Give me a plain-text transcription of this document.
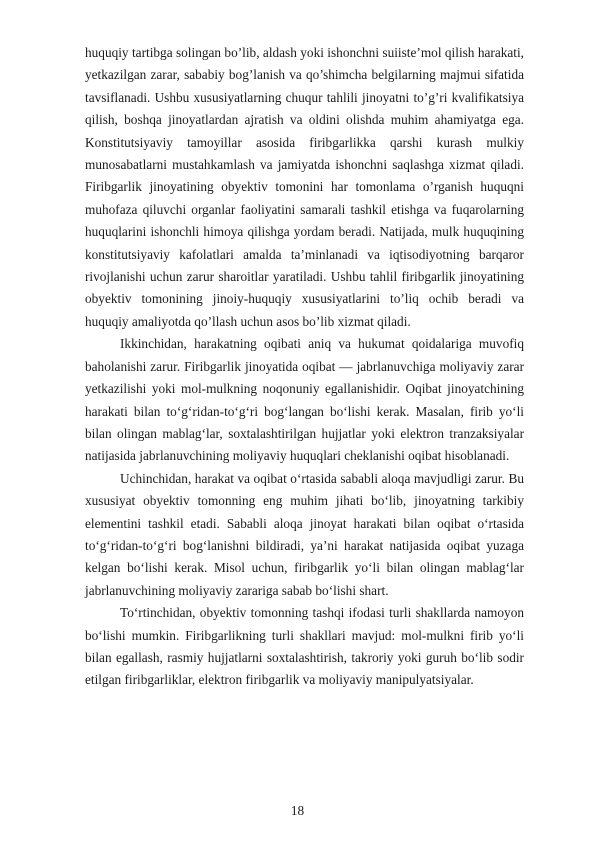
huquqiy tartibga solingan bo’lib, aldash yoki ishonchni suiiste’mol qilish harakati, yetkazilgan zarar, sababiy bog’lanish va qo’shimcha belgilarning majmui sifatida tavsiflanadi. Ushbu xususiyatlarning chuqur tahlili jinoyatni to’g’ri kvalifikatsiya qilish, boshqa jinoyatlardan ajratish va oldini olishda muhim ahamiyatga ega. Konstitutsiyaviy tamoyillar asosida firibgarlikka qarshi kurash mulkiy munosabatlarni mustahkamlash va jamiyatda ishonchni saqlashga xizmat qiladi. Firibgarlik jinoyatining obyektiv tomonini har tomonlama o’rganish huquqni muhofaza qiluvchi organlar faoliyatini samarali tashkil etishga va fuqarolarning huquqlarini ishonchli himoya qilishga yordam beradi. Natijada, mulk huquqining konstitutsiyaviy kafolatlari amalda ta’minlanadi va iqtisodiyotning barqaror rivojlanishi uchun zarur sharoitlar yaratiladi. Ushbu tahlil firibgarlik jinoyatining obyektiv tomonining jinoiy-huquqiy xususiyatlarini to’liq ochib beradi va huquqiy amaliyotda qo’llash uchun asos bo’lib xizmat qiladi.

Ikkinchidan, harakatning oqibati aniq va hukumat qoidalariga muvofiq baholanishi zarur. Firibgarlik jinoyatida oqibat — jabrlanuvchiga moliyaviy zarar yetkazilishi yoki mol-mulkning noqonuniy egallanishidir. Oqibat jinoyatchining harakati bilan to‘g‘ridan-to‘g‘ri bog‘langan bo‘lishi kerak. Masalan, firib yo‘li bilan olingan mablag‘lar, soxtalashtirilgan hujjatlar yoki elektron tranzaksiyalar natijasida jabrlanuvchining moliyaviy huquqlari cheklanishi oqibat hisoblanadi.

Uchinchidan, harakat va oqibat o‘rtasida sababli aloqa mavjudligi zarur. Bu xususiyat obyektiv tomonning eng muhim jihati bo‘lib, jinoyatning tarkibiy elementini tashkil etadi. Sababli aloqa jinoyat harakati bilan oqibat o‘rtasida to‘g‘ridan-to‘g‘ri bog‘lanishni bildiradi, ya’ni harakat natijasida oqibat yuzaga kelgan bo‘lishi kerak. Misol uchun, firibgarlik yo‘li bilan olingan mablag‘lar jabrlanuvchining moliyaviy zarariga sabab bo‘lishi shart.

To‘rtinchidan, obyektiv tomonning tashqi ifodasi turli shakllarda namoyon bo‘lishi mumkin. Firibgarlikning turli shakllari mavjud: mol-mulkni firib yo‘li bilan egallash, rasmiy hujjatlarni soxtalashtirish, takroriy yoki guruh bo‘lib sodir etilgan firibgarliklar, elektron firibgarlik va moliyaviy manipulyatsiyalar.

18
